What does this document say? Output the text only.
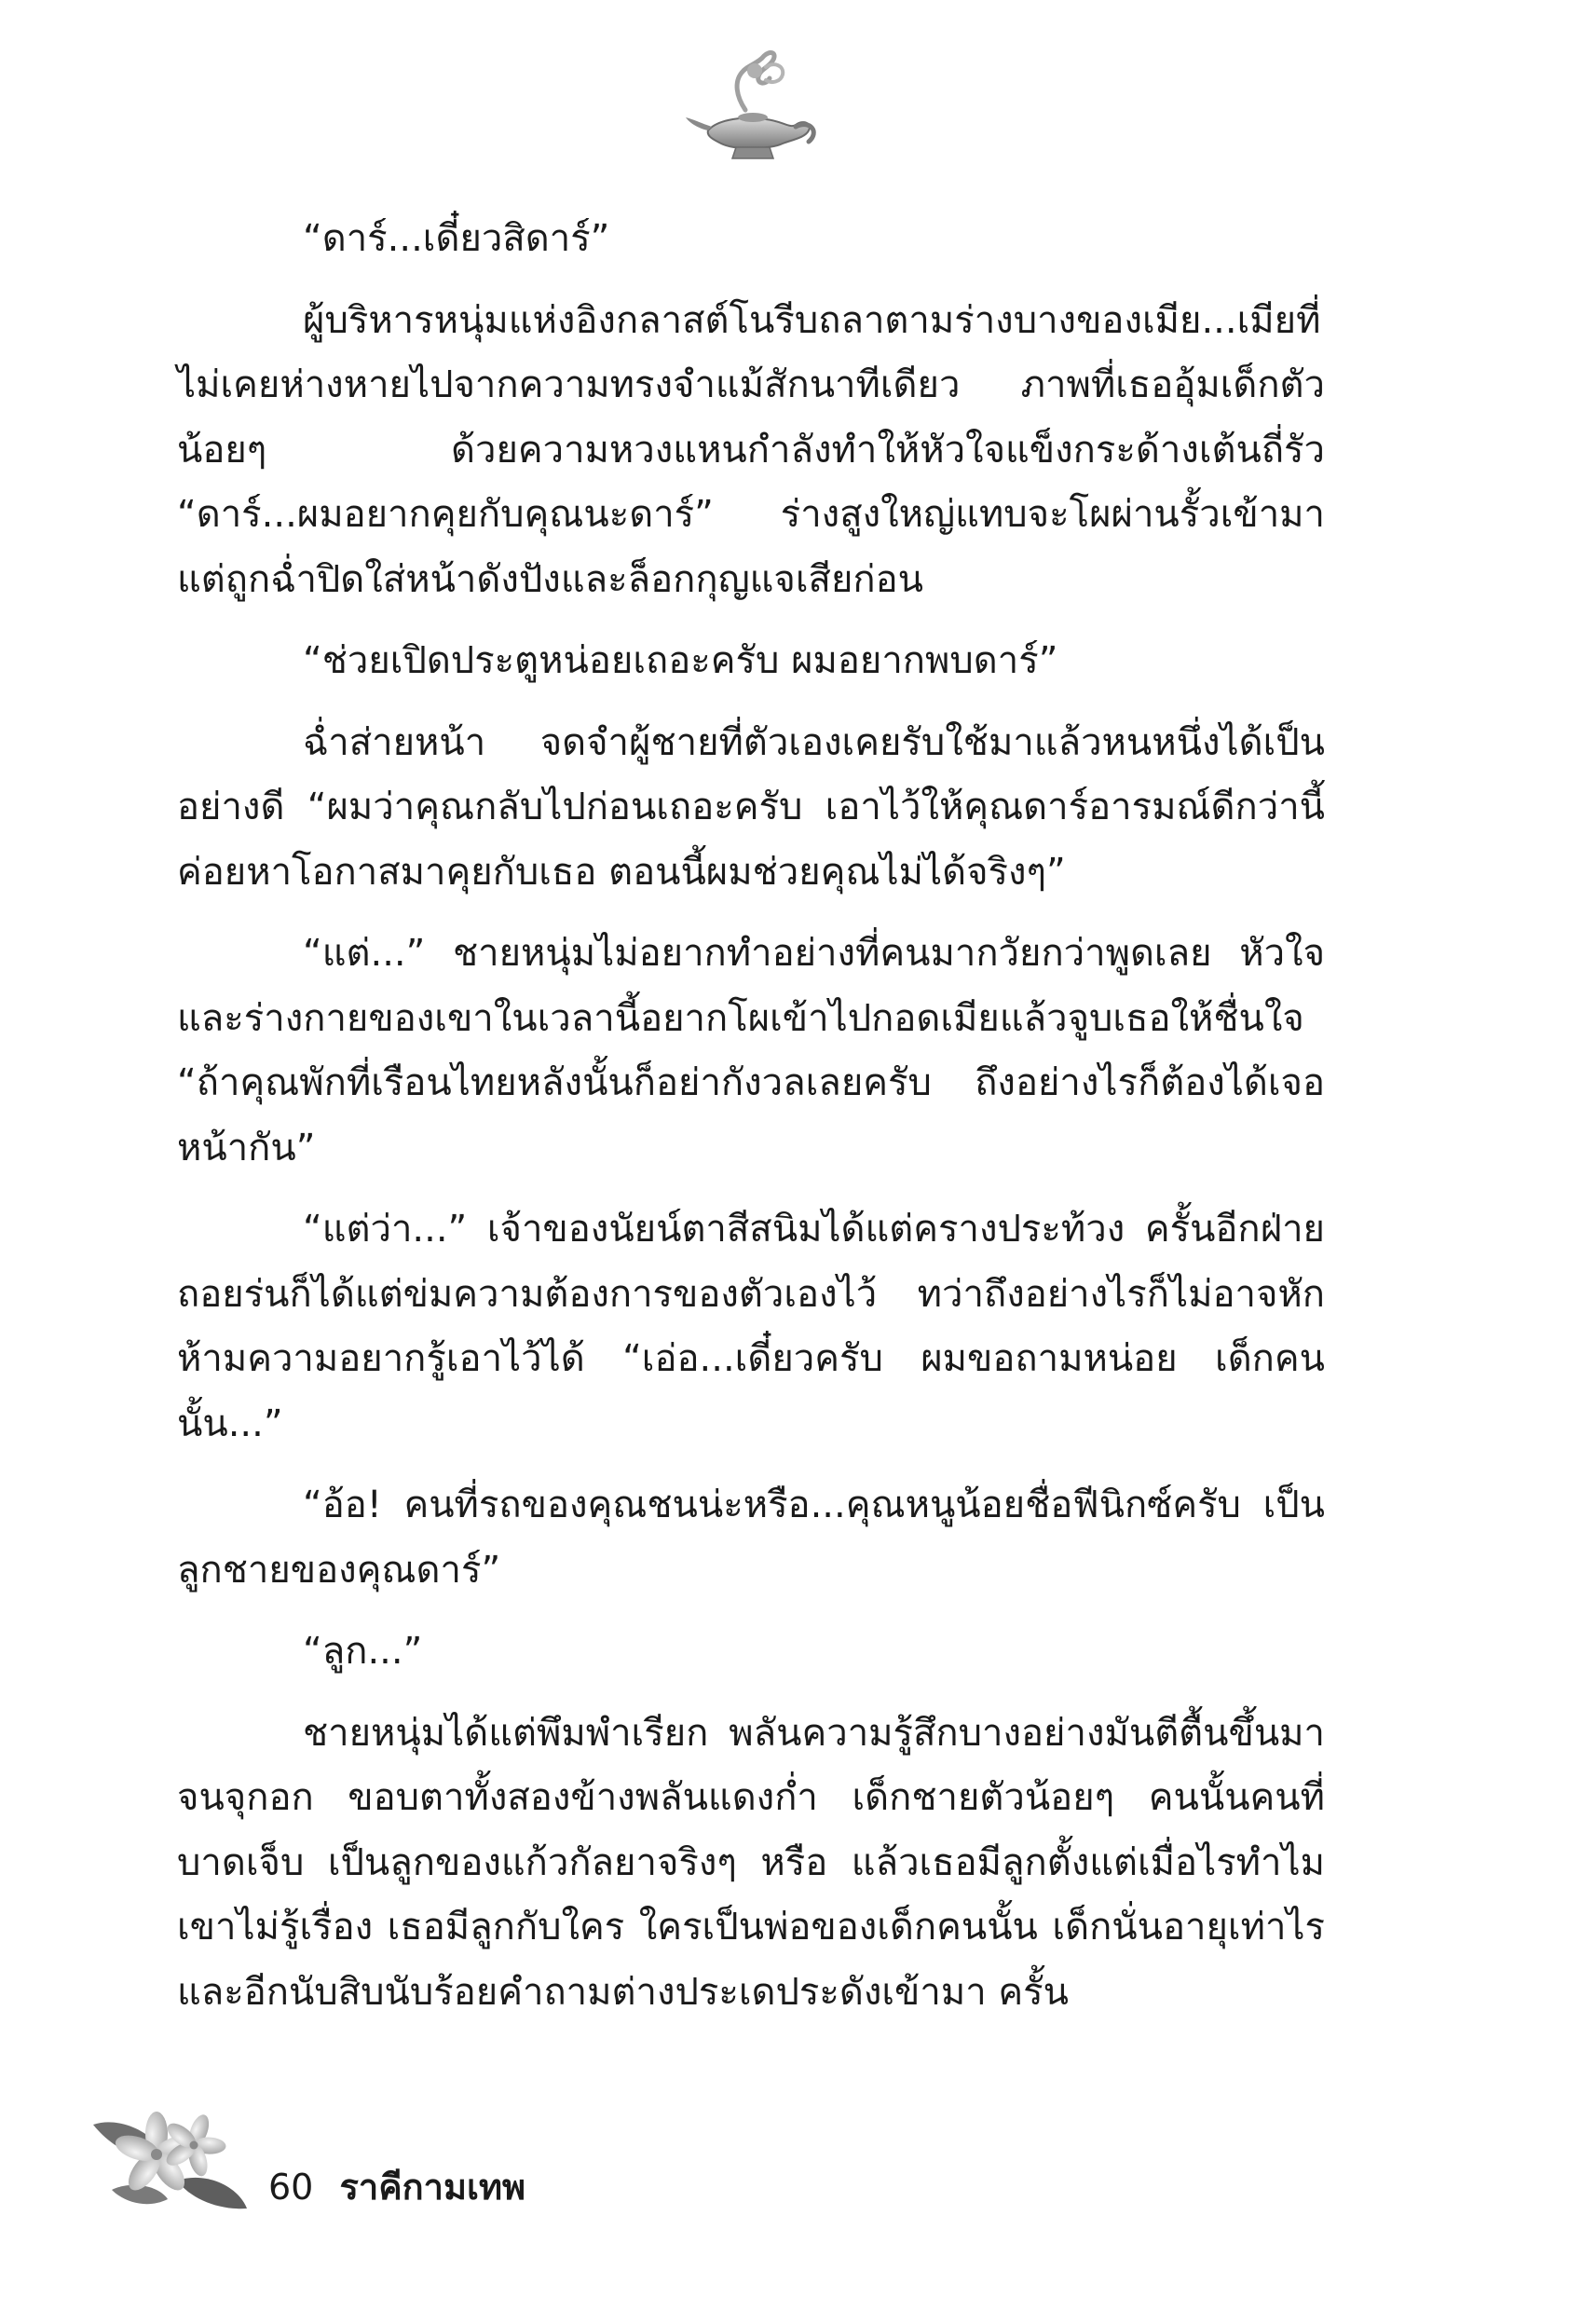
“ดาร์...เดี๋ยวสิดาร์”

ผู้บริหารหนุ่มแห่งอิงกลาสต์โนรีบถลาตามร่างบางของเมีย...เมียที่ไม่เคยห่างหายไปจากความทรงจำแม้สักนาทีเดียว ภาพที่เธออุ้มเด็กตัวน้อยๆ ด้วยความหวงแหนกำลังทำให้หัวใจแข็งกระด้างเต้นถี่รัว “ดาร์...ผมอยากคุยกับคุณนะดาร์” ร่างสูงใหญ่แทบจะโผผ่านรั้วเข้ามา แต่ถูกฉ่ำปิดใส่หน้าดังปังและล็อกกุญแจเสียก่อน

“ช่วยเปิดประตูหน่อยเถอะครับ ผมอยากพบดาร์”

ฉ่ำส่ายหน้า จดจำผู้ชายที่ตัวเองเคยรับใช้มาแล้วหนหนึ่งได้เป็นอย่างดี “ผมว่าคุณกลับไปก่อนเถอะครับ เอาไว้ให้คุณดาร์อารมณ์ดีกว่านี้ค่อยหาโอกาสมาคุยกับเธอ ตอนนี้ผมช่วยคุณไม่ได้จริงๆ”

“แต่...” ชายหนุ่มไม่อยากทำอย่างที่คนมากวัยกว่าพูดเลย หัวใจและร่างกายของเขาในเวลานี้อยากโผเข้าไปกอดเมียแล้วจูบเธอให้ชื่นใจ “ถ้าคุณพักที่เรือนไทยหลังนั้นก็อย่ากังวลเลยครับ ถึงอย่างไรก็ต้องได้เจอหน้ากัน”

“แต่ว่า...” เจ้าของนัยน์ตาสีสนิมได้แต่ครางประท้วง ครั้นอีกฝ่ายถอยร่นก็ได้แต่ข่มความต้องการของตัวเองไว้ ทว่าถึงอย่างไรก็ไม่อาจหักห้ามความอยากรู้เอาไว้ได้ “เอ่อ...เดี๋ยวครับ ผมขอถามหน่อย เด็กคนนั้น...”

“อ้อ! คนที่รถของคุณชนน่ะหรือ...คุณหนูน้อยชื่อฟีนิกซ์ครับ เป็นลูกชายของคุณดาร์”

“ลูก...”

ชายหนุ่มได้แต่พึมพำเรียก พลันความรู้สึกบางอย่างมันตีตื้นขึ้นมาจนจุกอก ขอบตาทั้งสองข้างพลันแดงก่ำ เด็กชายตัวน้อยๆ คนนั้นคนที่บาดเจ็บ เป็นลูกของแก้วกัลยาจริงๆ หรือ แล้วเธอมีลูกตั้งแต่เมื่อไรทำไมเขาไม่รู้เรื่อง เธอมีลูกกับใคร ใครเป็นพ่อของเด็กคนนั้น เด็กนั่นอายุเท่าไร และอีกนับสิบนับร้อยคำถามต่างประเดประดังเข้ามา ครั้น

60 ราคีกามเทพ
